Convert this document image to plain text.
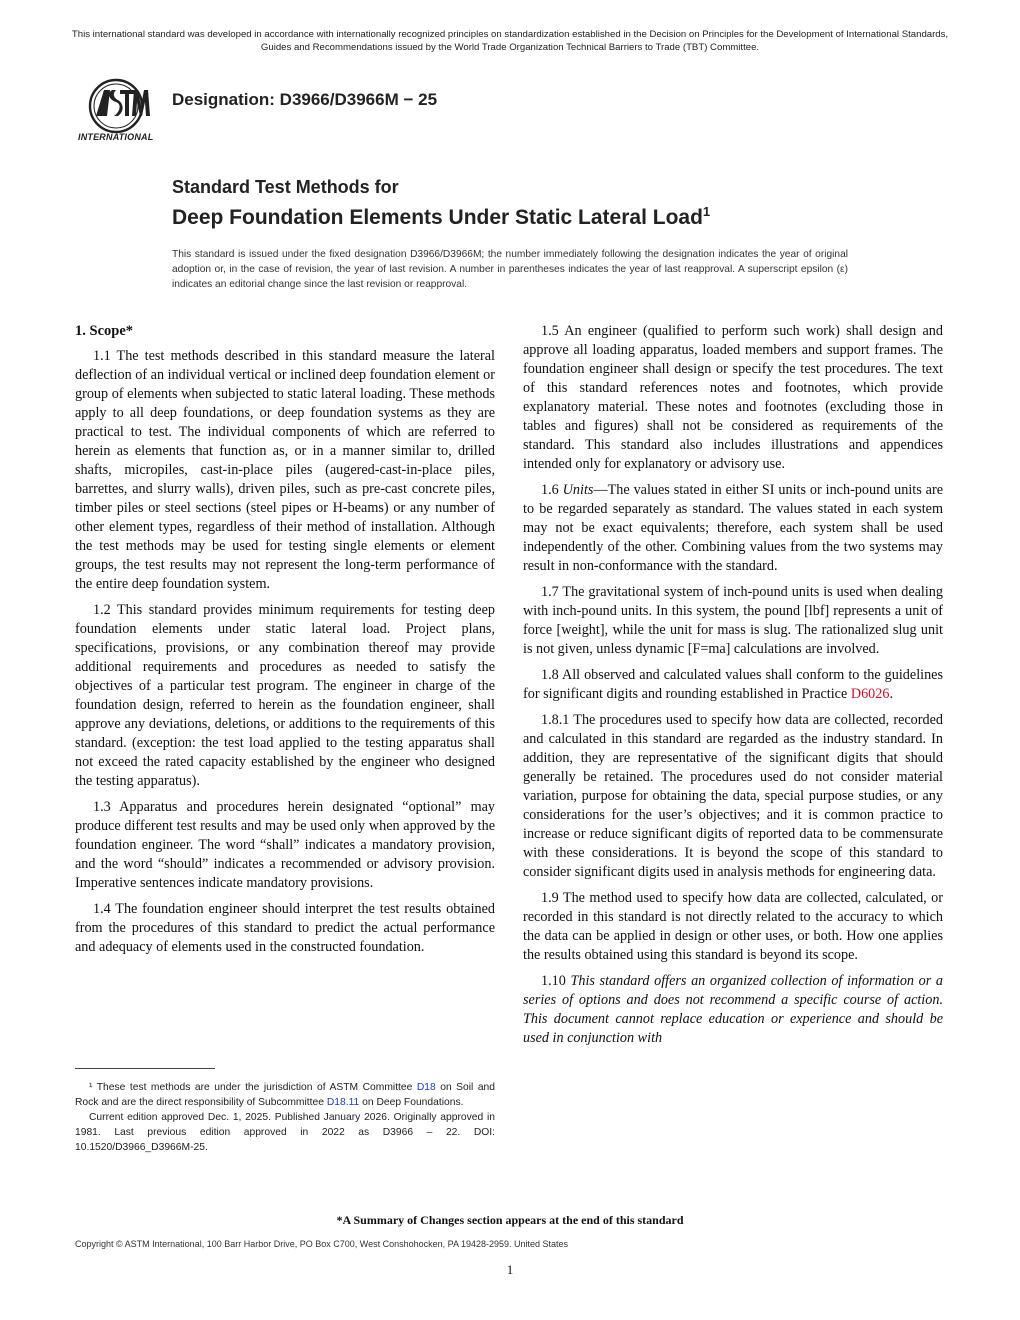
This international standard was developed in accordance with internationally recognized principles on standardization established in the Decision on Principles for the Development of International Standards, Guides and Recommendations issued by the World Trade Organization Technical Barriers to Trade (TBT) Committee.
INTERNATIONAL
Designation: D3966/D3966M − 25
Standard Test Methods for
Deep Foundation Elements Under Static Lateral Load$^1$
This standard is issued under the fixed designation D3966/D3966M; the number immediately following the designation indicates the year of original adoption or, in the case of revision, the year of last revision. A number in parentheses indicates the year of last reapproval. A superscript epsilon (ε) indicates an editorial change since the last revision or reapproval.
1. Scope*

1.1 The test methods described in this standard measure the lateral deflection of an individual vertical or inclined deep foundation element or group of elements when subjected to static lateral loading. These methods apply to all deep foundations, or deep foundation systems as they are practical to test. The individual components of which are referred to herein as elements that function as, or in a manner similar to, drilled shafts, micropiles, cast-in-place piles (augered-cast-in-place piles, barrettes, and slurry walls), driven piles, such as pre-cast concrete piles, timber piles or steel sections (steel pipes or H-beams) or any number of other element types, regardless of their method of installation. Although the test methods may be used for testing single elements or element groups, the test results may not represent the long-term performance of the entire deep foundation system.

1.2 This standard provides minimum requirements for testing deep foundation elements under static lateral load. Project plans, specifications, provisions, or any combination thereof may provide additional requirements and procedures as needed to satisfy the objectives of a particular test program. The engineer in charge of the foundation design, referred to herein as the foundation engineer, shall approve any deviations, deletions, or additions to the requirements of this standard. (exception: the test load applied to the testing apparatus shall not exceed the rated capacity established by the engineer who designed the testing apparatus).

1.3 Apparatus and procedures herein designated “optional” may produce different test results and may be used only when approved by the foundation engineer. The word “shall” indicates a mandatory provision, and the word “should” indicates a recommended or advisory provision. Imperative sentences indicate mandatory provisions.

1.4 The foundation engineer should interpret the test results obtained from the procedures of this standard to predict the actual performance and adequacy of elements used in the constructed foundation.

1.5 An engineer (qualified to perform such work) shall design and approve all loading apparatus, loaded members and support frames. The foundation engineer shall design or specify the test procedures. The text of this standard references notes and footnotes, which provide explanatory material. These notes and footnotes (excluding those in tables and figures) shall not be considered as requirements of the standard. This standard also includes illustrations and appendices intended only for explanatory or advisory use.

1.6 Units—The values stated in either SI units or inch-pound units are to be regarded separately as standard. The values stated in each system may not be exact equivalents; therefore, each system shall be used independently of the other. Combining values from the two systems may result in non-conformance with the standard.

1.7 The gravitational system of inch-pound units is used when dealing with inch-pound units. In this system, the pound [lbf] represents a unit of force [weight], while the unit for mass is slug. The rationalized slug unit is not given, unless dynamic [F=ma] calculations are involved.

1.8 All observed and calculated values shall conform to the guidelines for significant digits and rounding established in Practice D6026.

1.8.1 The procedures used to specify how data are collected, recorded and calculated in this standard are regarded as the industry standard. In addition, they are representative of the significant digits that should generally be retained. The procedures used do not consider material variation, purpose for obtaining the data, special purpose studies, or any considerations for the user’s objectives; and it is common practice to increase or reduce significant digits of reported data to be commensurate with these considerations. It is beyond the scope of this standard to consider significant digits used in analysis methods for engineering data.

1.9 The method used to specify how data are collected, calculated, or recorded in this standard is not directly related to the accuracy to which the data can be applied in design or other uses, or both. How one applies the results obtained using this standard is beyond its scope.

1.10 This standard offers an organized collection of information or a series of options and does not recommend a specific course of action. This document cannot replace education or experience and should be used in conjunction with

¹ These test methods are under the jurisdiction of ASTM Committee D18 on Soil and Rock and are the direct responsibility of Subcommittee D18.11 on Deep Foundations.

Current edition approved Dec. 1, 2025. Published January 2026. Originally approved in 1981. Last previous edition approved in 2022 as D3966 – 22. DOI: 10.1520/D3966_D3966M-25.

*A Summary of Changes section appears at the end of this standard
Copyright © ASTM International, 100 Barr Harbor Drive, PO Box C700, West Conshohocken, PA 19428-2959. United States
1
